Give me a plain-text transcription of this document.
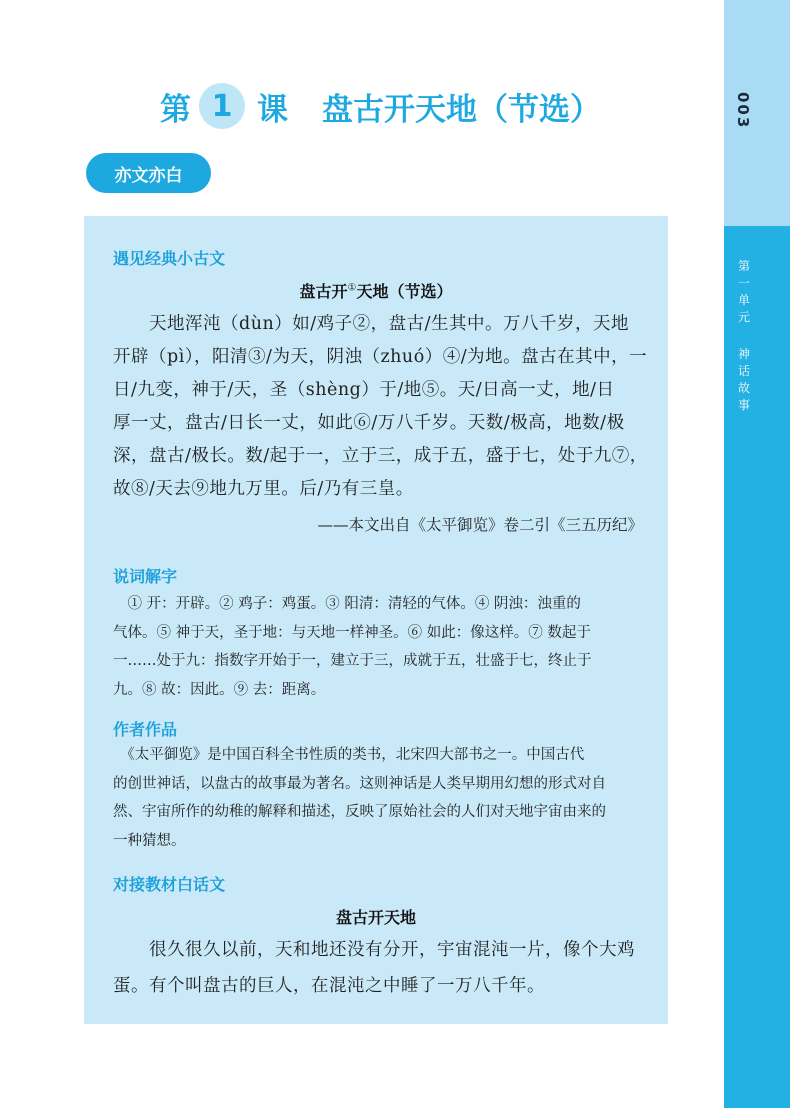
003
第
一
单
元
神
话
故
事
第 1 课 盘古开天地（节选）
亦文亦白
遇见经典小古文
盘古开①天地（节选）
　　天地浑沌（dùn）如/鸡子②，盘古/生其中。万八千岁，天地
开辟（pì），阳清③/为天，阴浊（zhuó）④/为地。盘古在其中，一
日/九变，神于/天，圣（shèng）于/地⑤。天/日高一丈，地/日
厚一丈，盘古/日长一丈，如此⑥/万八千岁。天数/极高，地数/极
深，盘古/极长。数/起于一，立于三，成于五，盛于七，处于九⑦，
故⑧/天去⑨地九万里。后/乃有三皇。
——本文出自《太平御览》卷二引《三五历纪》
说词解字
　① 开：开辟。② 鸡子：鸡蛋。③ 阳清：清轻的气体。④ 阴浊：浊重的
气体。⑤ 神于天，圣于地：与天地一样神圣。⑥ 如此：像这样。⑦ 数起于
一……处于九：指数字开始于一，建立于三，成就于五，壮盛于七，终止于
九。⑧ 故：因此。⑨ 去：距离。
作者作品
　《太平御览》是中国百科全书性质的类书，北宋四大部书之一。中国古代
的创世神话，以盘古的故事最为著名。这则神话是人类早期用幻想的形式对自
然、宇宙所作的幼稚的解释和描述，反映了原始社会的人们对天地宇宙由来的
一种猜想。
对接教材白话文
盘古开天地
　　很久很久以前，天和地还没有分开，宇宙混沌一片，像个大鸡
蛋。有个叫盘古的巨人，在混沌之中睡了一万八千年。
